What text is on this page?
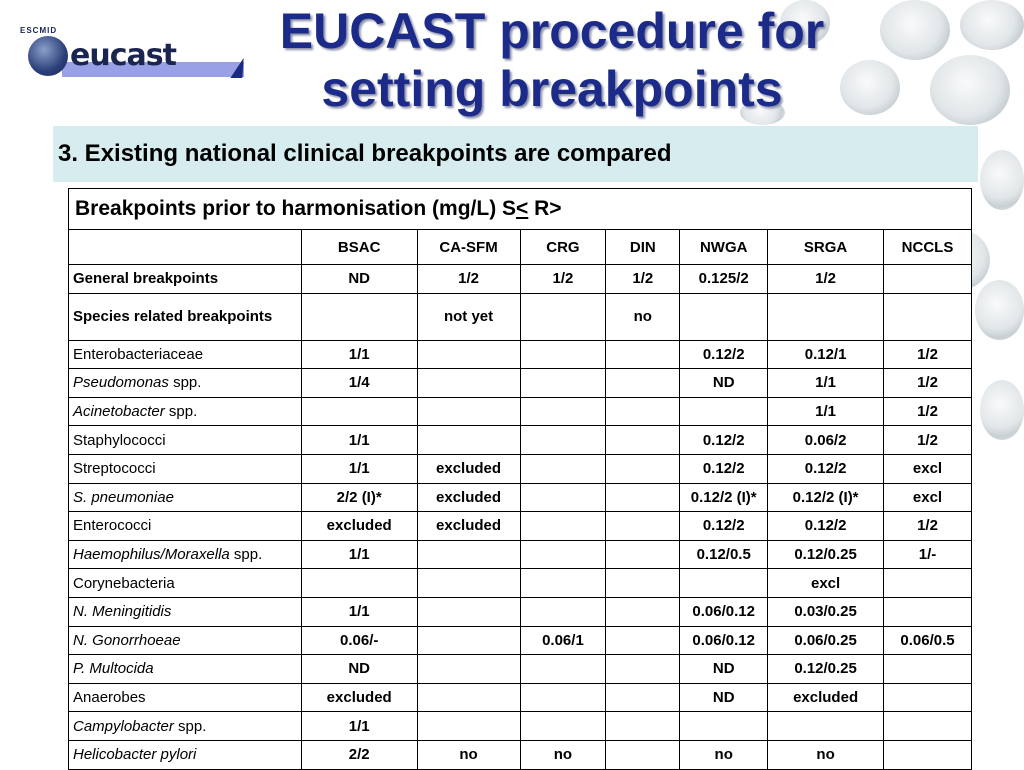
ESCMID
eucast	EUCAST procedure for
setting breakpoints
3. Existing national clinical breakpoints are compared
Breakpoints prior to harmonisation (mg/L) S< R>							
	BSAC	CA-SFM	CRG	DIN	NWGA	SRGA	NCCLS
General breakpoints	ND	1/2	1/2	1/2	0.125/2	1/2	
Species related breakpoints		not yet		no			
Enterobacteriaceae	1/1				0.12/2	0.12/1	1/2
Pseudomonas spp.	1/4				ND	1/1	1/2
Acinetobacter spp.						1/1	1/2
Staphylococci	1/1				0.12/2	0.06/2	1/2
Streptococci	1/1	excluded			0.12/2	0.12/2	excl
S. pneumoniae	2/2 (I)*	excluded			0.12/2 (I)*	0.12/2 (I)*	excl
Enterococci	excluded	excluded			0.12/2	0.12/2	1/2
Haemophilus/Moraxella spp.	1/1				0.12/0.5	0.12/0.25	1/-
Corynebacteria						excl	
N. Meningitidis	1/1				0.06/0.12	0.03/0.25	
N. Gonorrhoeae	0.06/-		0.06/1		0.06/0.12	0.06/0.25	0.06/0.5
P. Multocida	ND				ND	0.12/0.25	
Anaerobes	excluded				ND	excluded	
Campylobacter spp.	1/1						
Helicobacter pylori	2/2	no	no		no	no	
